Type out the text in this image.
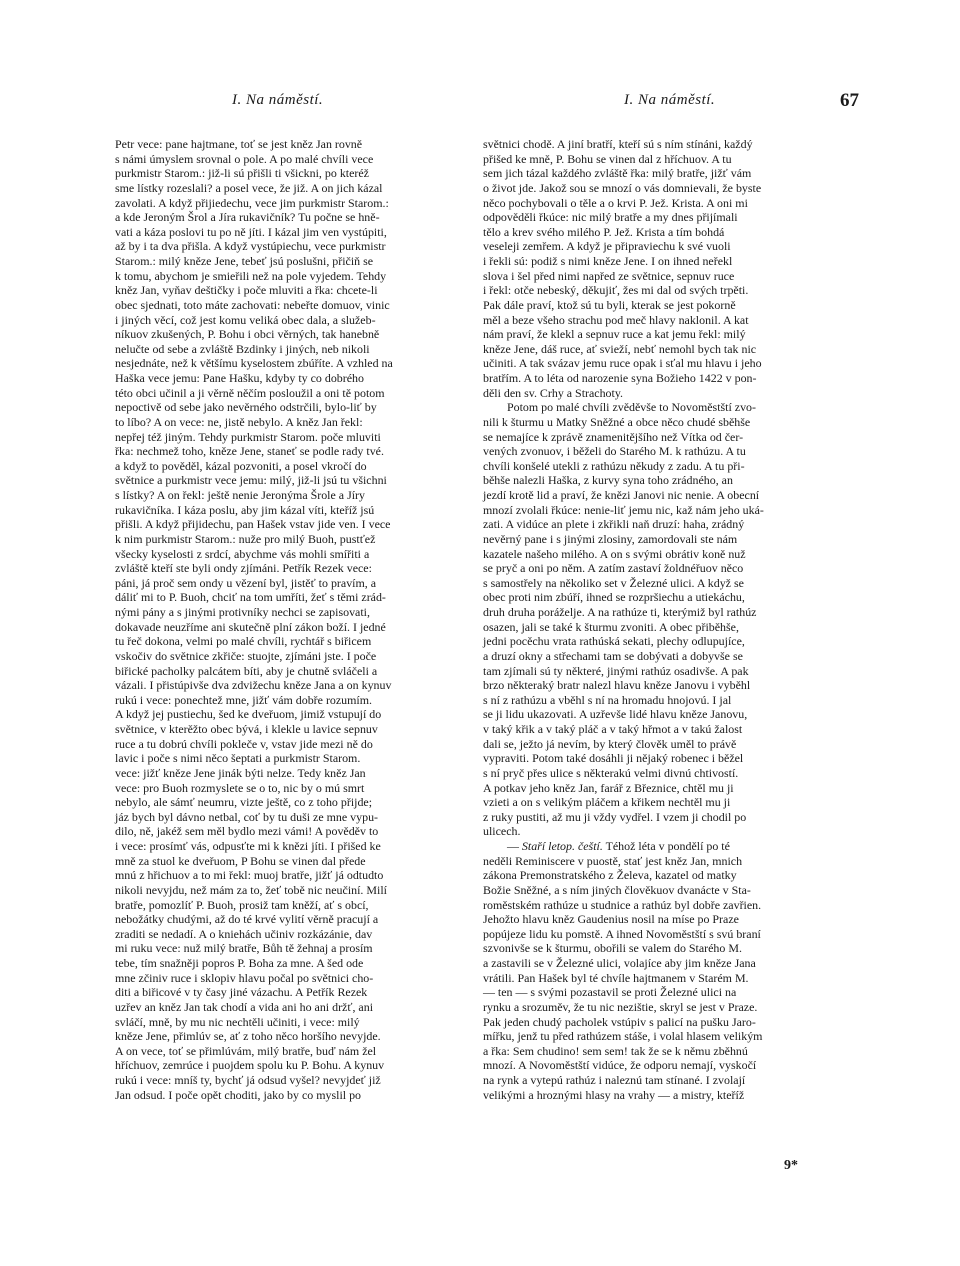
I. Na náměstí.	I. Na náměstí.	67

Petr vece: pane hajtmane, toť se jest kněz Jan rovně
s námi úmyslem srovnal o pole. A po malé chvíli vece
purkmistr Starom.: již-li sú přišli ti všickni, po kteréž
sme lístky rozeslali? a posel vece, že již. A on jich kázal
zavolati. A když přijiedechu, vece jim purkmistr Starom.:
a kde Jeroným Šrol a Jíra rukavičník? Tu počne se hně-
vati a káza poslovi tu po ně jíti. I kázal jim ven vystúpiti,
až by i ta dva přišla. A když vystúpiechu, vece purkmistr
Starom.: milý kněze Jene, tebeť jsú poslušni, přičiň se
k tomu, abychom je smieřili než na pole vyjedem. Tehdy
kněz Jan, vyňav deštičky i poče mluviti a řka: chcete-li
obec sjednati, toto máte zachovati: nebeřte domuov, vinic
i jiných věcí, což jest komu veliká obec dala, a služeb-
níkuov zkušených, P. Bohu i obci věrných, tak hanebně
nelučte od sebe a zvláště Bzdinky i jiných, neb nikoli
nesjednáte, než k většímu kyselostem zbúříte. A vzhled na
Haška vece jemu: Pane Hašku, kdyby ty co dobrého
této obci učinil a ji věrně něčím posloužil a oni tě potom
nepoctivě od sebe jako nevěrného odstrčili, bylo-liť by
to líbo? A on vece: ne, jistě nebylo. A kněz Jan řekl:
nepřej též jiným. Tehdy purkmistr Starom. poče mluviti
řka: nechmež toho, kněze Jene, staneť se podle rady tvé.
a když to pověděl, kázal pozvoniti, a posel vkročí do
světnice a purkmistr vece jemu: milý, již-li jsú tu všichni
s lístky? A on řekl: ještě nenie Jeronýma Šrole a Jíry
rukavičníka. I káza poslu, aby jim kázal víti, kteříž jsú
přišli. A když přijidechu, pan Hašek vstav jide ven. I vece
k nim purkmistr Starom.: nuže pro milý Buoh, pustťež
všecky kyselosti z srdcí, abychme vás mohli smířiti a
zvláště kteří ste byli ondy zjímáni. Petřík Rezek vece:
páni, já proč sem ondy u vězení byl, jistěť to pravím, a
dáliť mi to P. Buoh, chciť na tom umříti, žeť s těmi zrád-
nými pány a s jinými protivníky nechci se zapisovati,
dokavade neuzříme ani skutečně plní zákon boží. I jedné
tu řeč dokona, velmi po malé chvíli, rychtář s biřicem
vskočiv do světnice zkřiče: stuojte, zjímáni jste. I poče
biřické pacholky palcátem bíti, aby je chutně svláčeli a
vázali. I přistúpivše dva zdvižechu kněze Jana a on kynuv
rukú i vece: ponechtež mne, jižť vám dobře rozumím.
A když jej pustiechu, šed ke dveřuom, jimiž vstupují do
světnice, v kterěžto obec bývá, i klekle u lavice sepnuv
ruce a tu dobrú chvíli pokleče v, vstav jide mezi ně do
lavic i poče s nimi něco šeptati a purkmistr Starom.
vece: jižť kněze Jene jinák býti nelze. Tedy kněz Jan
vece: pro Buoh rozmyslete se o to, nic by o mú smrt
nebylo, ale sámť neumru, vizte ještě, co z toho přijde;
jáz bych byl dávno netbal, coť by tu duši ze mne vypu-
dilo, ně, jakéž sem měl bydlo mezi vámi! A pověděv to
i vece: prosímť vás, odpusťte mi k knězi jíti. I přišed ke
mně za stuol ke dveřuom, P Bohu se vinen dal přede
mnú z hřichuov a to mi řekl: muoj bratře, jižť já odtudto
nikoli nevyjdu, než mám za to, žeť tobě nic neučiní. Milí
bratře, pomozlíť P. Buoh, prosiž tam kněží, ať s obcí,
nebožátky chudými, až do té krvé vylití věrně pracují a
zraditi se nedadí. A o kniehách učiniv rozkázánie, dav
mi ruku vece: nuž milý bratře, Bůh tě žehnaj a prosím
tebe, tím snažněji popros P. Boha za mne. A šed ode
mne zčiniv ruce i sklopiv hlavu počal po světnici cho-
diti a biřicové v ty časy jiné vázachu. A Petřík Rezek
uzřev an kněz Jan tak chodí a vida ani ho ani držť, ani
svláčí, mně, by mu nic nechtěli učiniti, i vece: milý
kněze Jene, přimlúv se, ať z toho něco horšího nevyjde.
A on vece, toť se přimlúvám, milý bratře, buď nám žel
hříchuov, zemrúce i puojdem spolu ku P. Bohu. A kynuv
rukú i vece: mníš ty, bychť já odsud vyšel? nevyjdeť již
Jan odsud. I poče opět choditi, jako by co myslil po

světnici chodě. A jiní bratří, kteří sú s ním stínáni, každý
přišed ke mně, P. Bohu se vinen dal z hříchuov. A tu
sem jich tázal každého zvláště řka: milý bratře, jižť vám
o život jde. Jakož sou se mnozí o vás domnievali, že byste
něco pochybovali o těle a o krvi P. Jež. Krista. A oni mi
odpověděli řkúce: nic milý bratře a my dnes přijímali
tělo a krev svého milého P. Jež. Krista a tím bohdá
veseleji zemřem. A když je připraviechu k své vuoli
i řekli sú: podiž s nimi kněze Jene. I on ihned neřekl
slova i šel před nimi napřed ze světnice, sepnuv ruce
i řekl: otče nebeský, děkujiť, žes mi dal od svých trpěti.
Pak dále praví, ktož sú tu byli, kterak se jest pokorně
měl a beze všeho strachu pod meč hlavy naklonil. A kat
nám praví, že klekl a sepnuv ruce a kat jemu řekl: milý
kněze Jene, dáš ruce, ať svieží, nebť nemohl bych tak nic
učiniti. A tak svázav jemu ruce opak i sťal mu hlavu i jeho
bratřím. A to léta od narozenie syna Božieho 1422 v pon-
děli den sv. Crhy a Strachoty.

Potom po malé chvíli zvěděvše to Novoměstští zvo-
nili k šturmu u Matky Sněžné a obce něco chudé sběhše
se nemajíce k zprávě znamenitějšího než Vítka od čer-
vených zvonuov, i běželi do Starého M. k rathúzu. A tu
chvíli konšelé utekli z rathúzu někudy z zadu. A tu při-
běhše nalezli Haška, z kurvy syna toho zrádného, an
jezdí krotě lid a praví, že knězi Janovi nic nenie. A obecní
mnozí zvolali řkúce: nenie-liť jemu nic, kaž nám jeho uká-
zati. A vidúce an plete i zkřikli naň druzí: haha, zrádný
nevěrný pane i s jinými zlosiny, zamordovali ste nám
kazatele našeho milého. A on s svými obrátiv koně nuž
se pryč a oni po něm. A zatím zastaví žoldnéřuov něco
s samostřely na několiko set v Železné ulici. A když se
obec proti nim zbúří, ihned se rozpršiechu a utiekáchu,
druh druha poráželje. A na rathúze ti, kterýmiž byl rathúz
osazen, jali se také k šturmu zvoniti. A obec přiběhše,
jedni pocěchu vrata rathúská sekati, plechy odlupujíce,
a druzí okny a střechami tam se dobývati a dobyvše se
tam zjímali sú ty některé, jinými rathúz osadivše. A pak
brzo některaký bratr nalezl hlavu kněze Janovu i vyběhl
s ní z rathúzu a vběhl s ní na hromadu hnojovú. I jal
se ji lidu ukazovati. A uzřevše lidé hlavu kněze Janovu,
v taký křik a v taký pláč a v taký hřmot a v takú žalost
dali se, ježto já nevím, by který člověk uměl to právě
vypraviti. Potom také dosáhli ji nějaký robenec i běžel
s ní pryč přes ulice s některakú velmi divnú chtivostí.
A potkav jeho kněz Jan, farář z Březnice, chtěl mu ji
vzieti a on s velikým pláčem a křikem nechtěl mu ji
z ruky pustiti, až mu ji vždy vydřel. I vzem ji chodil po
ulicech.

— Staří letop. čeští. Téhož léta v pondělí po té
neděli Reminiscere v puostě, stať jest kněz Jan, mnich
zákona Premonstratského z Želeva, kazatel od matky
Božie Sněžné, a s ním jiných člověkuov dvanácte v Sta-
roměstském rathúze u studnice a rathúz byl dobře zavřien.
Jehožto hlavu kněz Gaudenius nosil na míse po Praze
popújeze lidu ku pomstě. A ihned Novoměstští s svú braní
szvonivše se k šturmu, obořili se valem do Starého M.
a zastavili se v Železné ulici, volajíce aby jim kněze Jana
vrátili. Pan Hašek byl té chvíle hajtmanem v Starém M.
— ten — s svými pozastavil se proti Železné ulici na
rynku a srozuměv, že tu nic nezištie, skryl se jest v Praze.
Pak jeden chudý pacholek vstúpiv s palicí na pušku Jaro-
mířku, jenž tu před rathúzem stáše, i volal hlasem velikým
a řka: Sem chudino! sem sem! tak že se k němu zběhnú
mnozí. A Novoměstští vidúce, že odporu nemají, vyskočí
na rynk a vytepú rathúz i naleznú tam stínané. I zvolají
velikými a hroznými hlasy na vrahy — a mistry, kteříž

9*
